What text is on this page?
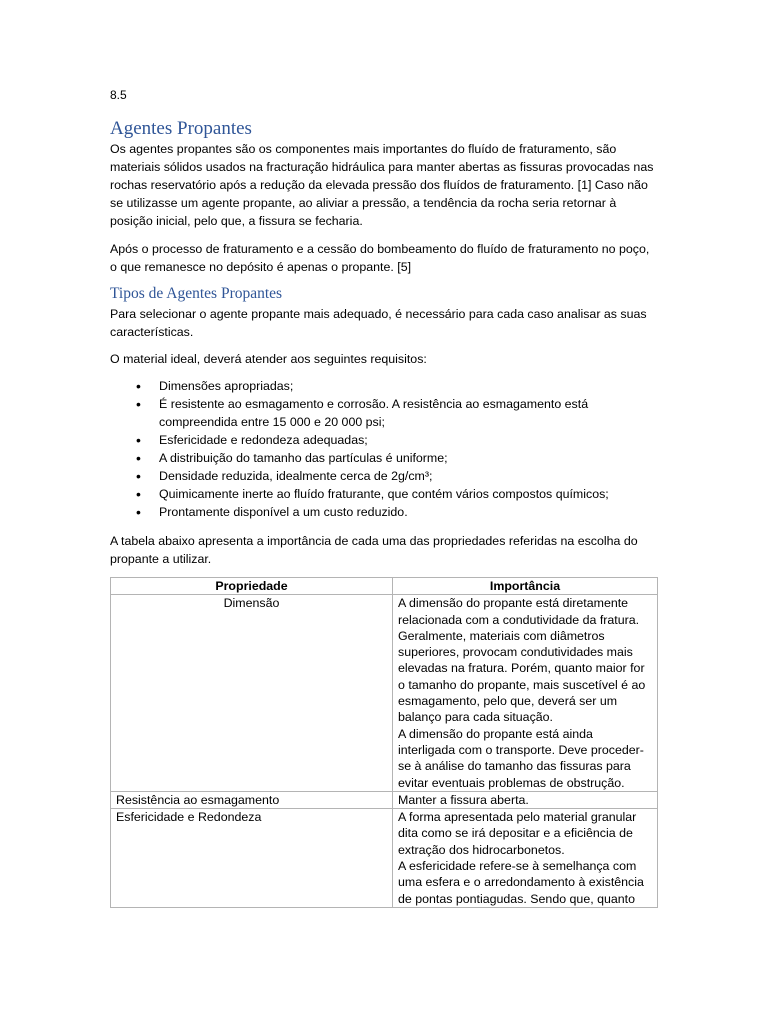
8.5
Agentes Propantes

Os agentes propantes são os componentes mais importantes do fluído de fraturamento, são materiais sólidos usados na fracturação hidráulica para manter abertas as fissuras provocadas nas rochas reservatório após a redução da elevada pressão dos fluídos de fraturamento. [1] Caso não se utilizasse um agente propante, ao aliviar a pressão, a tendência da rocha seria retornar à posição inicial, pelo que, a fissura se fecharia.

Após o processo de fraturamento e a cessão do bombeamento do fluído de fraturamento no poço, o que remanesce no depósito é apenas o propante. [5]

Tipos de Agentes Propantes

Para selecionar o agente propante mais adequado, é necessário para cada caso analisar as suas características.

O material ideal, deverá atender aos seguintes requisitos:

• Dimensões apropriadas;
• É resistente ao esmagamento e corrosão. A resistência ao esmagamento está compreendida entre 15 000 e 20 000 psi;
• Esfericidade e redondeza adequadas;
• A distribuição do tamanho das partículas é uniforme;
• Densidade reduzida, idealmente cerca de 2g/cm³;
• Quimicamente inerte ao fluído fraturante, que contém vários compostos químicos;
• Prontamente disponível a um custo reduzido.

A tabela abaixo apresenta a importância de cada uma das propriedades referidas na escolha do propante a utilizar.

Propriedade	Importância
Dimensão	A dimensão do propante está diretamente relacionada com a condutividade da fratura. Geralmente, materiais com diâmetros superiores, provocam condutividades mais elevadas na fratura. Porém, quanto maior for o tamanho do propante, mais suscetível é ao esmagamento, pelo que, deverá ser um balanço para cada situação.
A dimensão do propante está ainda interligada com o transporte. Deve proceder-se à análise do tamanho das fissuras para evitar eventuais problemas de obstrução.

Resistência ao esmagamento	Manter a fissura aberta.

Esfericidade e Redondeza	A forma apresentada pelo material granular dita como se irá depositar e a eficiência de extração dos hidrocarbonetos.
A esfericidade refere-se à semelhança com uma esfera e o arredondamento à existência de pontas pontiagudas. Sendo que, quanto
